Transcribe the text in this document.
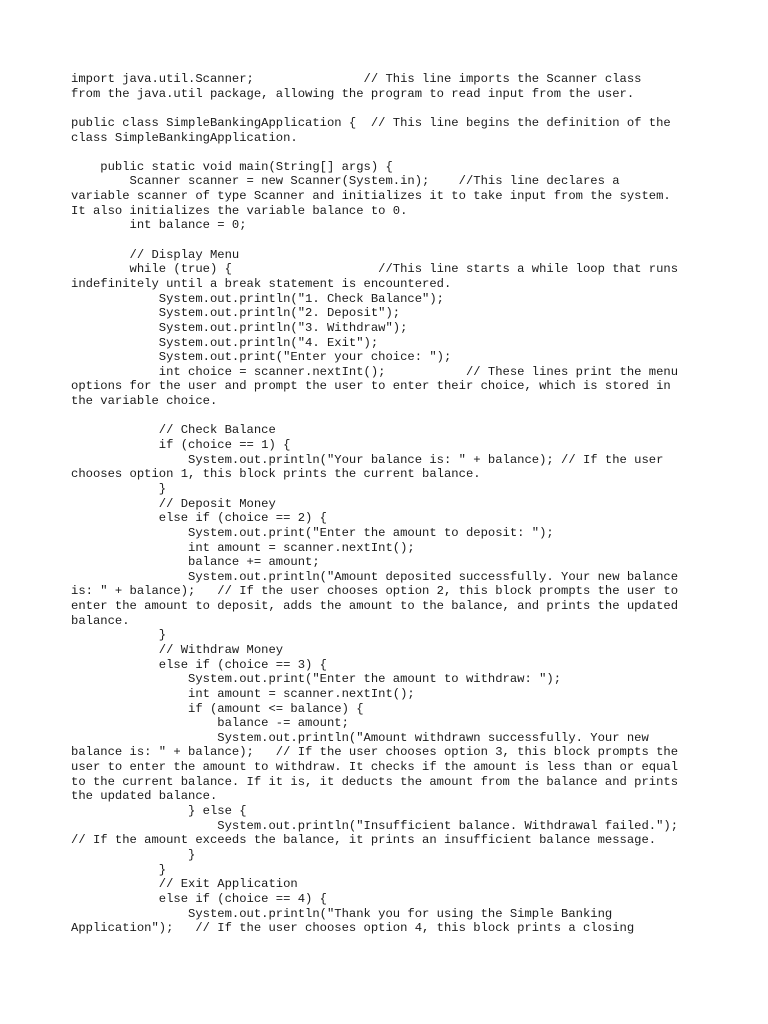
import java.util.Scanner;               // This line imports the Scanner class
from the java.util package, allowing the program to read input from the user.
public class SimpleBankingApplication {  // This line begins the definition of the
class SimpleBankingApplication.
public static void main(String[] args) {
Scanner scanner = new Scanner(System.in);    //This line declares a
variable scanner of type Scanner and initializes it to take input from the system.
It also initializes the variable balance to 0.
int balance = 0;
// Display Menu
while (true) {                    //This line starts a while loop that runs
indefinitely until a break statement is encountered.
System.out.println("1. Check Balance");
System.out.println("2. Deposit");
System.out.println("3. Withdraw");
System.out.println("4. Exit");
System.out.print("Enter your choice: ");
int choice = scanner.nextInt();           // These lines print the menu
options for the user and prompt the user to enter their choice, which is stored in
the variable choice.
// Check Balance
if (choice == 1) {
System.out.println("Your balance is: " + balance); // If the user
chooses option 1, this block prints the current balance.
}
// Deposit Money
else if (choice == 2) {
System.out.print("Enter the amount to deposit: ");
int amount = scanner.nextInt();
balance += amount;
System.out.println("Amount deposited successfully. Your new balance
is: " + balance);   // If the user chooses option 2, this block prompts the user to
enter the amount to deposit, adds the amount to the balance, and prints the updated
balance.
}
// Withdraw Money
else if (choice == 3) {
System.out.print("Enter the amount to withdraw: ");
int amount = scanner.nextInt();
if (amount <= balance) {
balance -= amount;
System.out.println("Amount withdrawn successfully. Your new
balance is: " + balance);   // If the user chooses option 3, this block prompts the
user to enter the amount to withdraw. It checks if the amount is less than or equal
to the current balance. If it is, it deducts the amount from the balance and prints
the updated balance.
} else {
System.out.println("Insufficient balance. Withdrawal failed.");
// If the amount exceeds the balance, it prints an insufficient balance message.
}
}
// Exit Application
else if (choice == 4) {
System.out.println("Thank you for using the Simple Banking
Application");   // If the user chooses option 4, this block prints a closing
